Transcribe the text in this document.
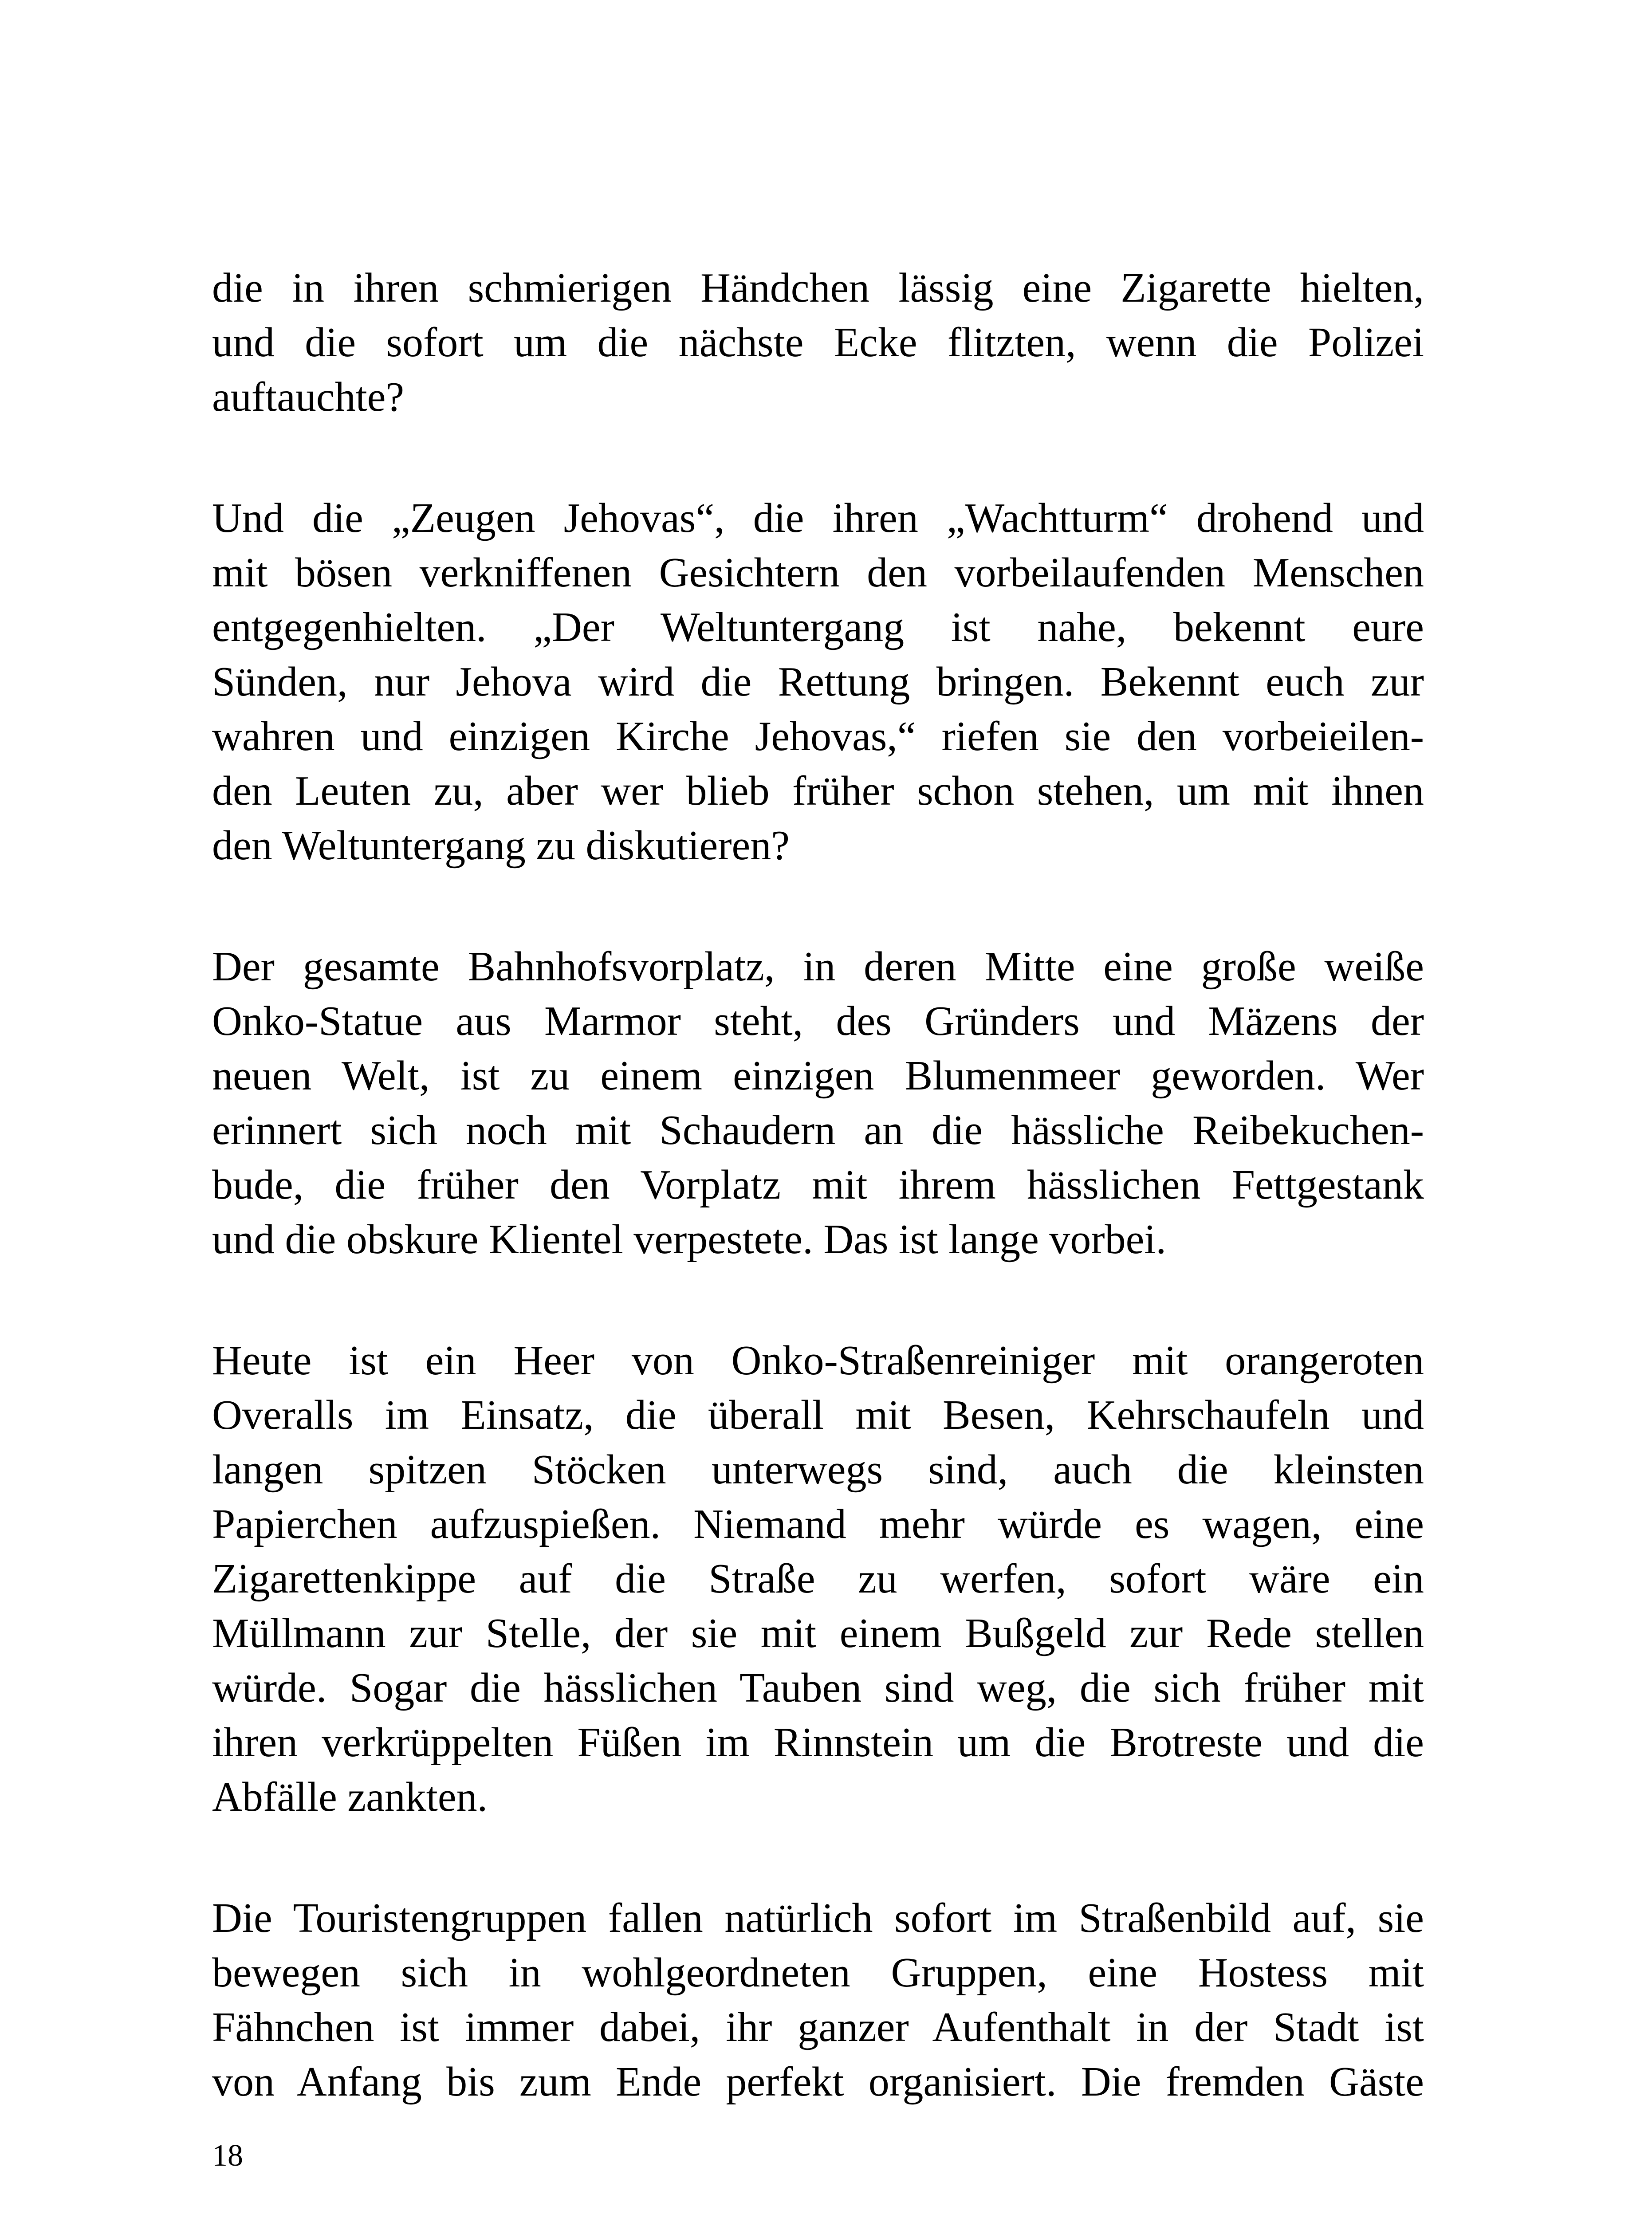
die in ihren schmierigen Händchen lässig eine Zigarette hielten,
und die sofort um die nächste Ecke flitzten, wenn die Polizei
auftauchte?

Und die „Zeugen Jehovas“, die ihren „Wachtturm“ drohend und
mit bösen verkniffenen Gesichtern den vorbeilaufenden Menschen
entgegenhielten. „Der Weltuntergang ist nahe, bekennt eure
Sünden, nur Jehova wird die Rettung bringen. Bekennt euch zur
wahren und einzigen Kirche Jehovas,“ riefen sie den vorbeieilen-
den Leuten zu, aber wer blieb früher schon stehen, um mit ihnen
den Weltuntergang zu diskutieren?

Der gesamte Bahnhofsvorplatz, in deren Mitte eine große weiße
Onko-Statue aus Marmor steht, des Gründers und Mäzens der
neuen Welt, ist zu einem einzigen Blumenmeer geworden. Wer
erinnert sich noch mit Schaudern an die hässliche Reibekuchen-
bude, die früher den Vorplatz mit ihrem hässlichen Fettgestank
und die obskure Klientel verpestete. Das ist lange vorbei.

Heute ist ein Heer von Onko-Straßenreiniger mit orangeroten
Overalls im Einsatz, die überall mit Besen, Kehrschaufeln und
langen spitzen Stöcken unterwegs sind, auch die kleinsten
Papierchen aufzuspießen. Niemand mehr würde es wagen, eine
Zigarettenkippe auf die Straße zu werfen, sofort wäre ein
Müllmann zur Stelle, der sie mit einem Bußgeld zur Rede stellen
würde. Sogar die hässlichen Tauben sind weg, die sich früher mit
ihren verkrüppelten Füßen im Rinnstein um die Brotreste und die
Abfälle zankten.

Die Touristengruppen fallen natürlich sofort im Straßenbild auf, sie
bewegen sich in wohlgeordneten Gruppen, eine Hostess mit
Fähnchen ist immer dabei, ihr ganzer Aufenthalt in der Stadt ist
von Anfang bis zum Ende perfekt organisiert. Die fremden Gäste

18
